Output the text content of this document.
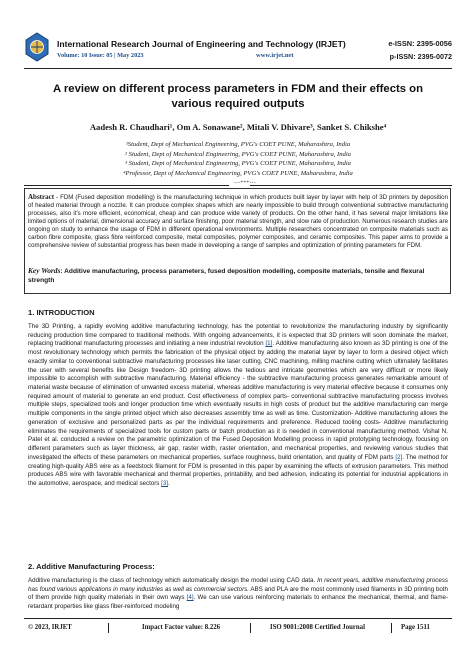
International Research Journal of Engineering and Technology (IRJET)	e-ISSN: 2395-0056
Volume: 10 Issue: 05 | May 2023	www.irjet.net	p-ISSN: 2395-0072
A review on different process parameters in FDM and their effects on
various required outputs
Aadesh R. Chaudhari¹, Om A. Sonawane², Mitali V. Dhivare³, Sanket S. Chikshe⁴
¹Student, Dept of Mechanical Engineering, PVG's COET PUNE, Maharashtra, India
² Student, Dept of Mechanical Engineering, PVG's COET PUNE, Maharashtra, India
³ Student, Dept of Mechanical Engineering, PVG's COET PUNE, Maharashtra, India
⁴Professor, Dept of Mechanical Engineering, PVG's COET PUNE, Maharashtra, India
---***---
Abstract - FDM (Fused deposition modelling) is the manufacturing technique in which products built layer by layer with help of 3D printers by deposition of heated material through a nozzle. It can produce complex shapes which are nearly impossible to build through conventional subtractive manufacturing processes, also it's more efficient, economical, cheap and can produce wide variety of products. On the other hand, it has several major limitations like limited options of material, dimensional accuracy and surface finishing, poor material strength, and slow rate of production. Numerous research studies are ongoing on study to enhance the usage of FDM in different operational environments. Multiple researchers concentrated on composite materials such as carbon fibre composite, glass fibre reinforced composite, metal composites, polymer composites, and ceramic composites. This paper aims to provide a comprehensive review of substantial progress has been made in developing a range of samples and optimization of printing parameters for FDM.
Key Words: Additive manufacturing, process parameters, fused deposition modelling, composite materials, tensile and flexural strength
1. INTRODUCTION
The 3D Printing, a rapidly evolving additive manufacturing technology, has the potential to revolutionize the manufacturing industry by significantly reducing production time compared to traditional methods. With ongoing advancements, it is expected that 3D printers will soon dominate the market, replacing traditional manufacturing processes and initiating a new industrial revolution [1]. Additive manufacturing also known as 3D printing is one of the most revolutionary technology which permits the fabrication of the physical object by adding the material layer by layer to form a desired object which exactly similar to conventional subtractive manufacturing processes like laser cutting, CNC machining, milling machine cutting which ultimately facilitates the user with several benefits like Design freedom- 3D printing allows the tedious and intricate geometries which are very difficult or more likely impossible to accomplish with subtractive manufacturing. Material efficiency - the subtractive manufacturing process generates remarkable amount of material waste because of elimination of unwanted excess material, whereas additive manufacturing is very material effective because it consumes only required amount of material to generate an end product. Cost effectiveness of complex parts- conventional subtractive manufacturing process involves multiple steps, specialized tools and longer production time which eventually results in high costs of product but the additive manufacturing can merge multiple components in the single printed object which also decreases assembly time as well as time. Customization- Additive manufacturing allows the generation of exclusive and personalized parts as per the individual requirements and preference. Reduced tooling costs- Additive manufacturing eliminates the requirements of specialized tools for custom parts or batch production as it is needed in conventional manufacturing method. Vishal N. Patel et al. conducted a review on the parametric optimization of the Fused Deposition Modelling process in rapid prototyping technology, focusing on different parameters such as layer thickness, air gap, raster width, raster orientation, and mechanical properties, and reviewing various studies that investigated the effects of these parameters on mechanical properties, surface roughness, build orientation, and quality of FDM parts [2]. The method for creating high-quality ABS wire as a feedstock filament for FDM is presented in this paper by examining the effects of extrusion parameters. This method produces ABS wire with favorable mechanical and thermal properties, printability, and bed adhesion, indicating its potential for industrial applications in the automotive, aerospace, and medical sectors [3].
2. Additive Manufacturing Process:
Additive manufacturing is the class of technology which automatically design the model using CAD data. In recent years, additive manufacturing process has found various applications in many industries as well as commercial sectors. ABS and PLA are the most commonly used filaments in 3D printing both of them provide high quality materials in their own ways [4]. We can use various reinforcing materials to enhance the mechanical, thermal, and flame-retardant properties like glass fiber-reinforced modeling
© 2023, IRJET	Impact Factor value: 8.226	ISO 9001:2008 Certified Journal	Page 1511
